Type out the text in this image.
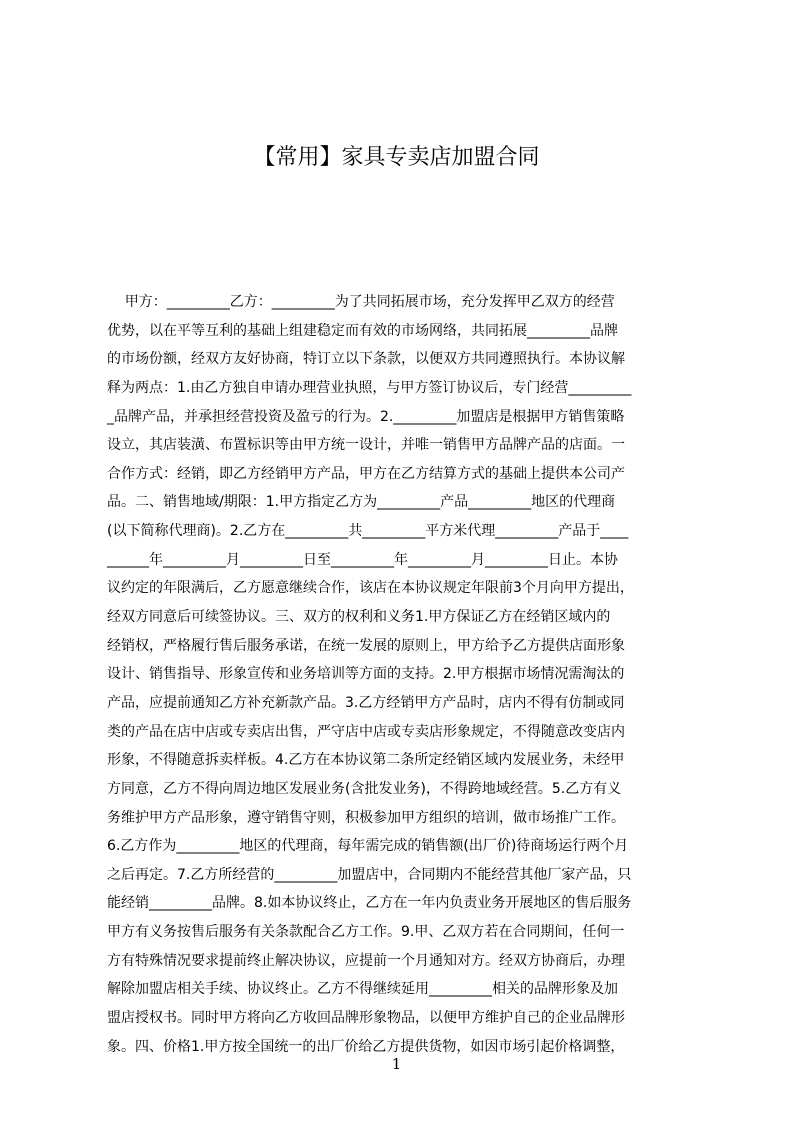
【常用】家具专卖店加盟合同
甲方：_________乙方：_________为了共同拓展市场，充分发挥甲乙双方的经营
优势，以在平等互利的基础上组建稳定而有效的市场网络，共同拓展_________品牌
的市场份额，经双方友好协商，特订立以下条款，以便双方共同遵照执行。本协议解
释为两点：1.由乙方独自申请办理营业执照，与甲方签订协议后，专门经营_________
_品牌产品，并承担经营投资及盈亏的行为。2._________加盟店是根据甲方销售策略
设立，其店装潢、布置标识等由甲方统一设计，并唯一销售甲方品牌产品的店面。一
合作方式：经销，即乙方经销甲方产品，甲方在乙方结算方式的基础上提供本公司产
品。二、销售地域/期限：1.甲方指定乙方为_________产品_________地区的代理商
(以下简称代理商)。2.乙方在_________共_________平方米代理_________产品于____
______年_________月_________日至_________年_________月_________日止。本协
议约定的年限满后，乙方愿意继续合作，该店在本协议规定年限前3个月向甲方提出，
经双方同意后可续签协议。三、双方的权利和义务1.甲方保证乙方在经销区域内的
经销权，严格履行售后服务承诺，在统一发展的原则上，甲方给予乙方提供店面形象
设计、销售指导、形象宣传和业务培训等方面的支持。2.甲方根据市场情况需淘汰的
产品，应提前通知乙方补充新款产品。3.乙方经销甲方产品时，店内不得有仿制或同
类的产品在店中店或专卖店出售，严守店中店或专卖店形象规定，不得随意改变店内
形象，不得随意拆卖样板。4.乙方在本协议第二条所定经销区域内发展业务，未经甲
方同意，乙方不得向周边地区发展业务(含批发业务)，不得跨地域经营。5.乙方有义
务维护甲方产品形象，遵守销售守则，积极参加甲方组织的培训，做市场推广工作。
6.乙方作为_________地区的代理商，每年需完成的销售额(出厂价)待商场运行两个月
之后再定。7.乙方所经营的_________加盟店中，合同期内不能经营其他厂家产品，只
能经销_________品牌。8.如本协议终止，乙方在一年内负责业务开展地区的售后服务
甲方有义务按售后服务有关条款配合乙方工作。9.甲、乙双方若在合同期间，任何一
方有特殊情况要求提前终止解决协议，应提前一个月通知对方。经双方协商后，办理
解除加盟店相关手续、协议终止。乙方不得继续延用_________相关的品牌形象及加
盟店授权书。同时甲方将向乙方收回品牌形象物品，以便甲方维护自己的企业品牌形
象。四、价格1.甲方按全国统一的出厂价给乙方提供货物，如因市场引起价格调整，
1
